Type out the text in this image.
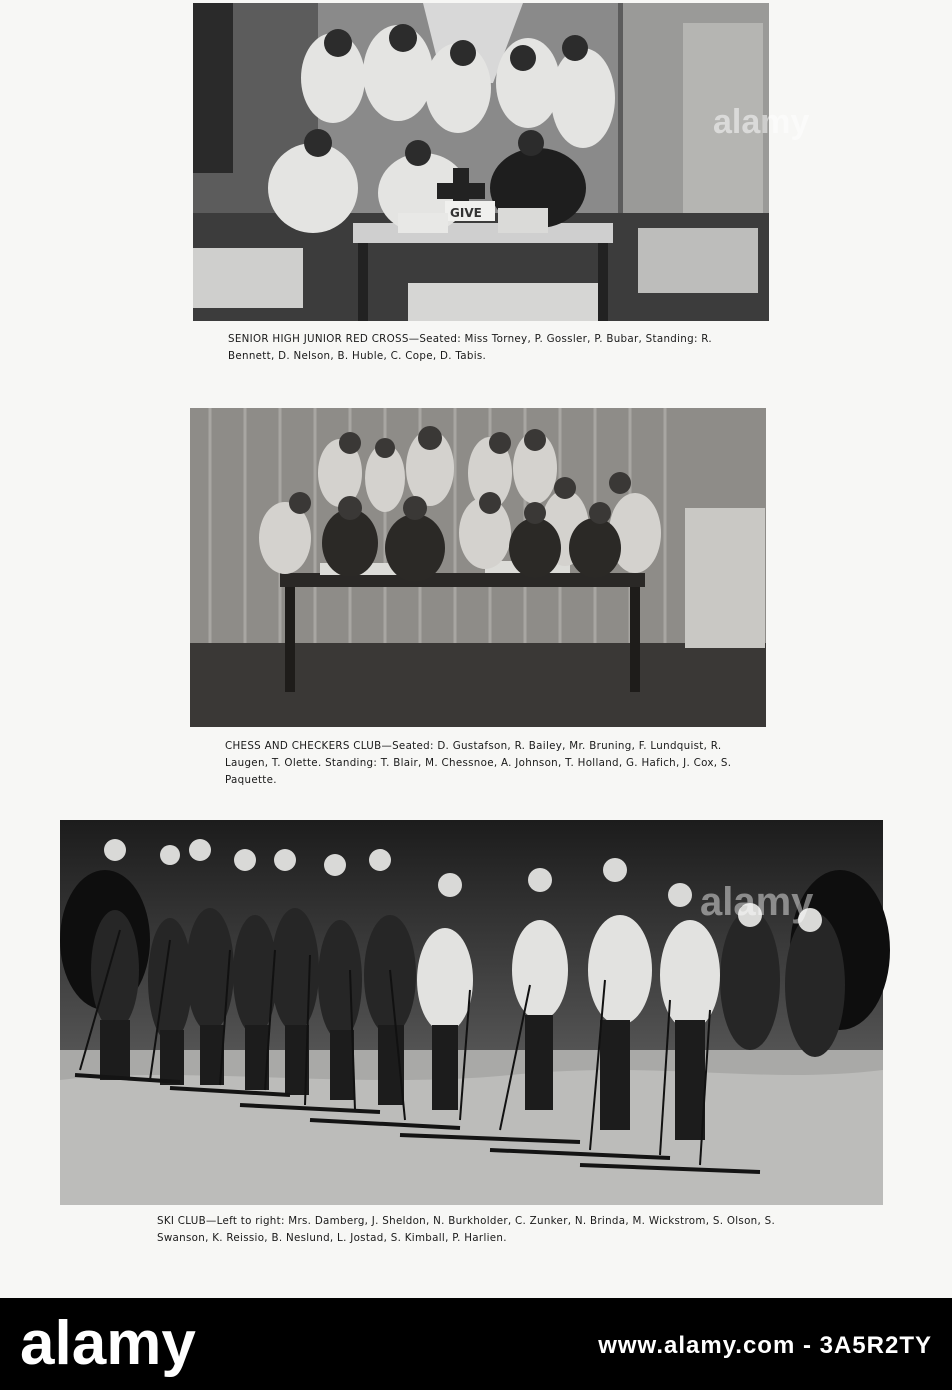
GIVE
alamy

SENIOR HIGH JUNIOR RED CROSS—Seated: Miss Torney, P. Gossler, P. Bubar, Standing: R. Bennett, D. Nelson, B. Huble, C. Cope, D. Tabis.

CHESS AND CHECKERS CLUB—Seated: D. Gustafson, R. Bailey, Mr. Bruning, F. Lundquist, R. Laugen, T. Olette. Standing: T. Blair, M. Chessnoe, A. Johnson, T. Holland, G. Hafich, J. Cox, S. Paquette.

alamy

SKI CLUB—Left to right: Mrs. Damberg, J. Sheldon, N. Burkholder, C. Zunker, N. Brinda, M. Wickstrom, S. Olson, S. Swanson, K. Reissio, B. Neslund, L. Jostad, S. Kimball, P. Harlien.

alamy	www.alamy.com - 3A5R2TY
